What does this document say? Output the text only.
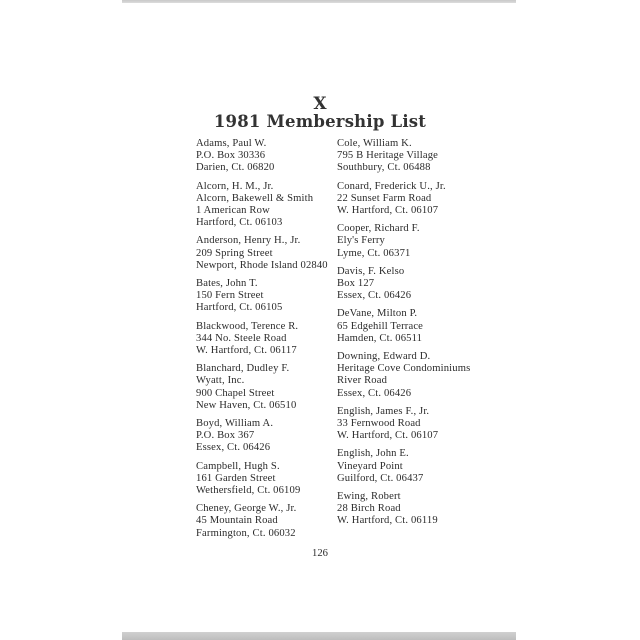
X
1981 Membership List
Adams, Paul W.
P.O. Box 30336
Darien, Ct. 06820
Alcorn, H. M., Jr.
Alcorn, Bakewell & Smith
1 American Row
Hartford, Ct. 06103
Anderson, Henry H., Jr.
209 Spring Street
Newport, Rhode Island 02840
Bates, John T.
150 Fern Street
Hartford, Ct. 06105
Blackwood, Terence R.
344 No. Steele Road
W. Hartford, Ct. 06117
Blanchard, Dudley F.
Wyatt, Inc.
900 Chapel Street
New Haven, Ct. 06510
Boyd, William A.
P.O. Box 367
Essex, Ct. 06426
Campbell, Hugh S.
161 Garden Street
Wethersfield, Ct. 06109
Cheney, George W., Jr.
45 Mountain Road
Farmington, Ct. 06032
Cole, William K.
795 B Heritage Village
Southbury, Ct. 06488
Conard, Frederick U., Jr.
22 Sunset Farm Road
W. Hartford, Ct. 06107
Cooper, Richard F.
Ely's Ferry
Lyme, Ct. 06371
Davis, F. Kelso
Box 127
Essex, Ct. 06426
DeVane, Milton P.
65 Edgehill Terrace
Hamden, Ct. 06511
Downing, Edward D.
Heritage Cove Condominiums
River Road
Essex, Ct. 06426
English, James F., Jr.
33 Fernwood Road
W. Hartford, Ct. 06107
English, John E.
Vineyard Point
Guilford, Ct. 06437
Ewing, Robert
28 Birch Road
W. Hartford, Ct. 06119
126
